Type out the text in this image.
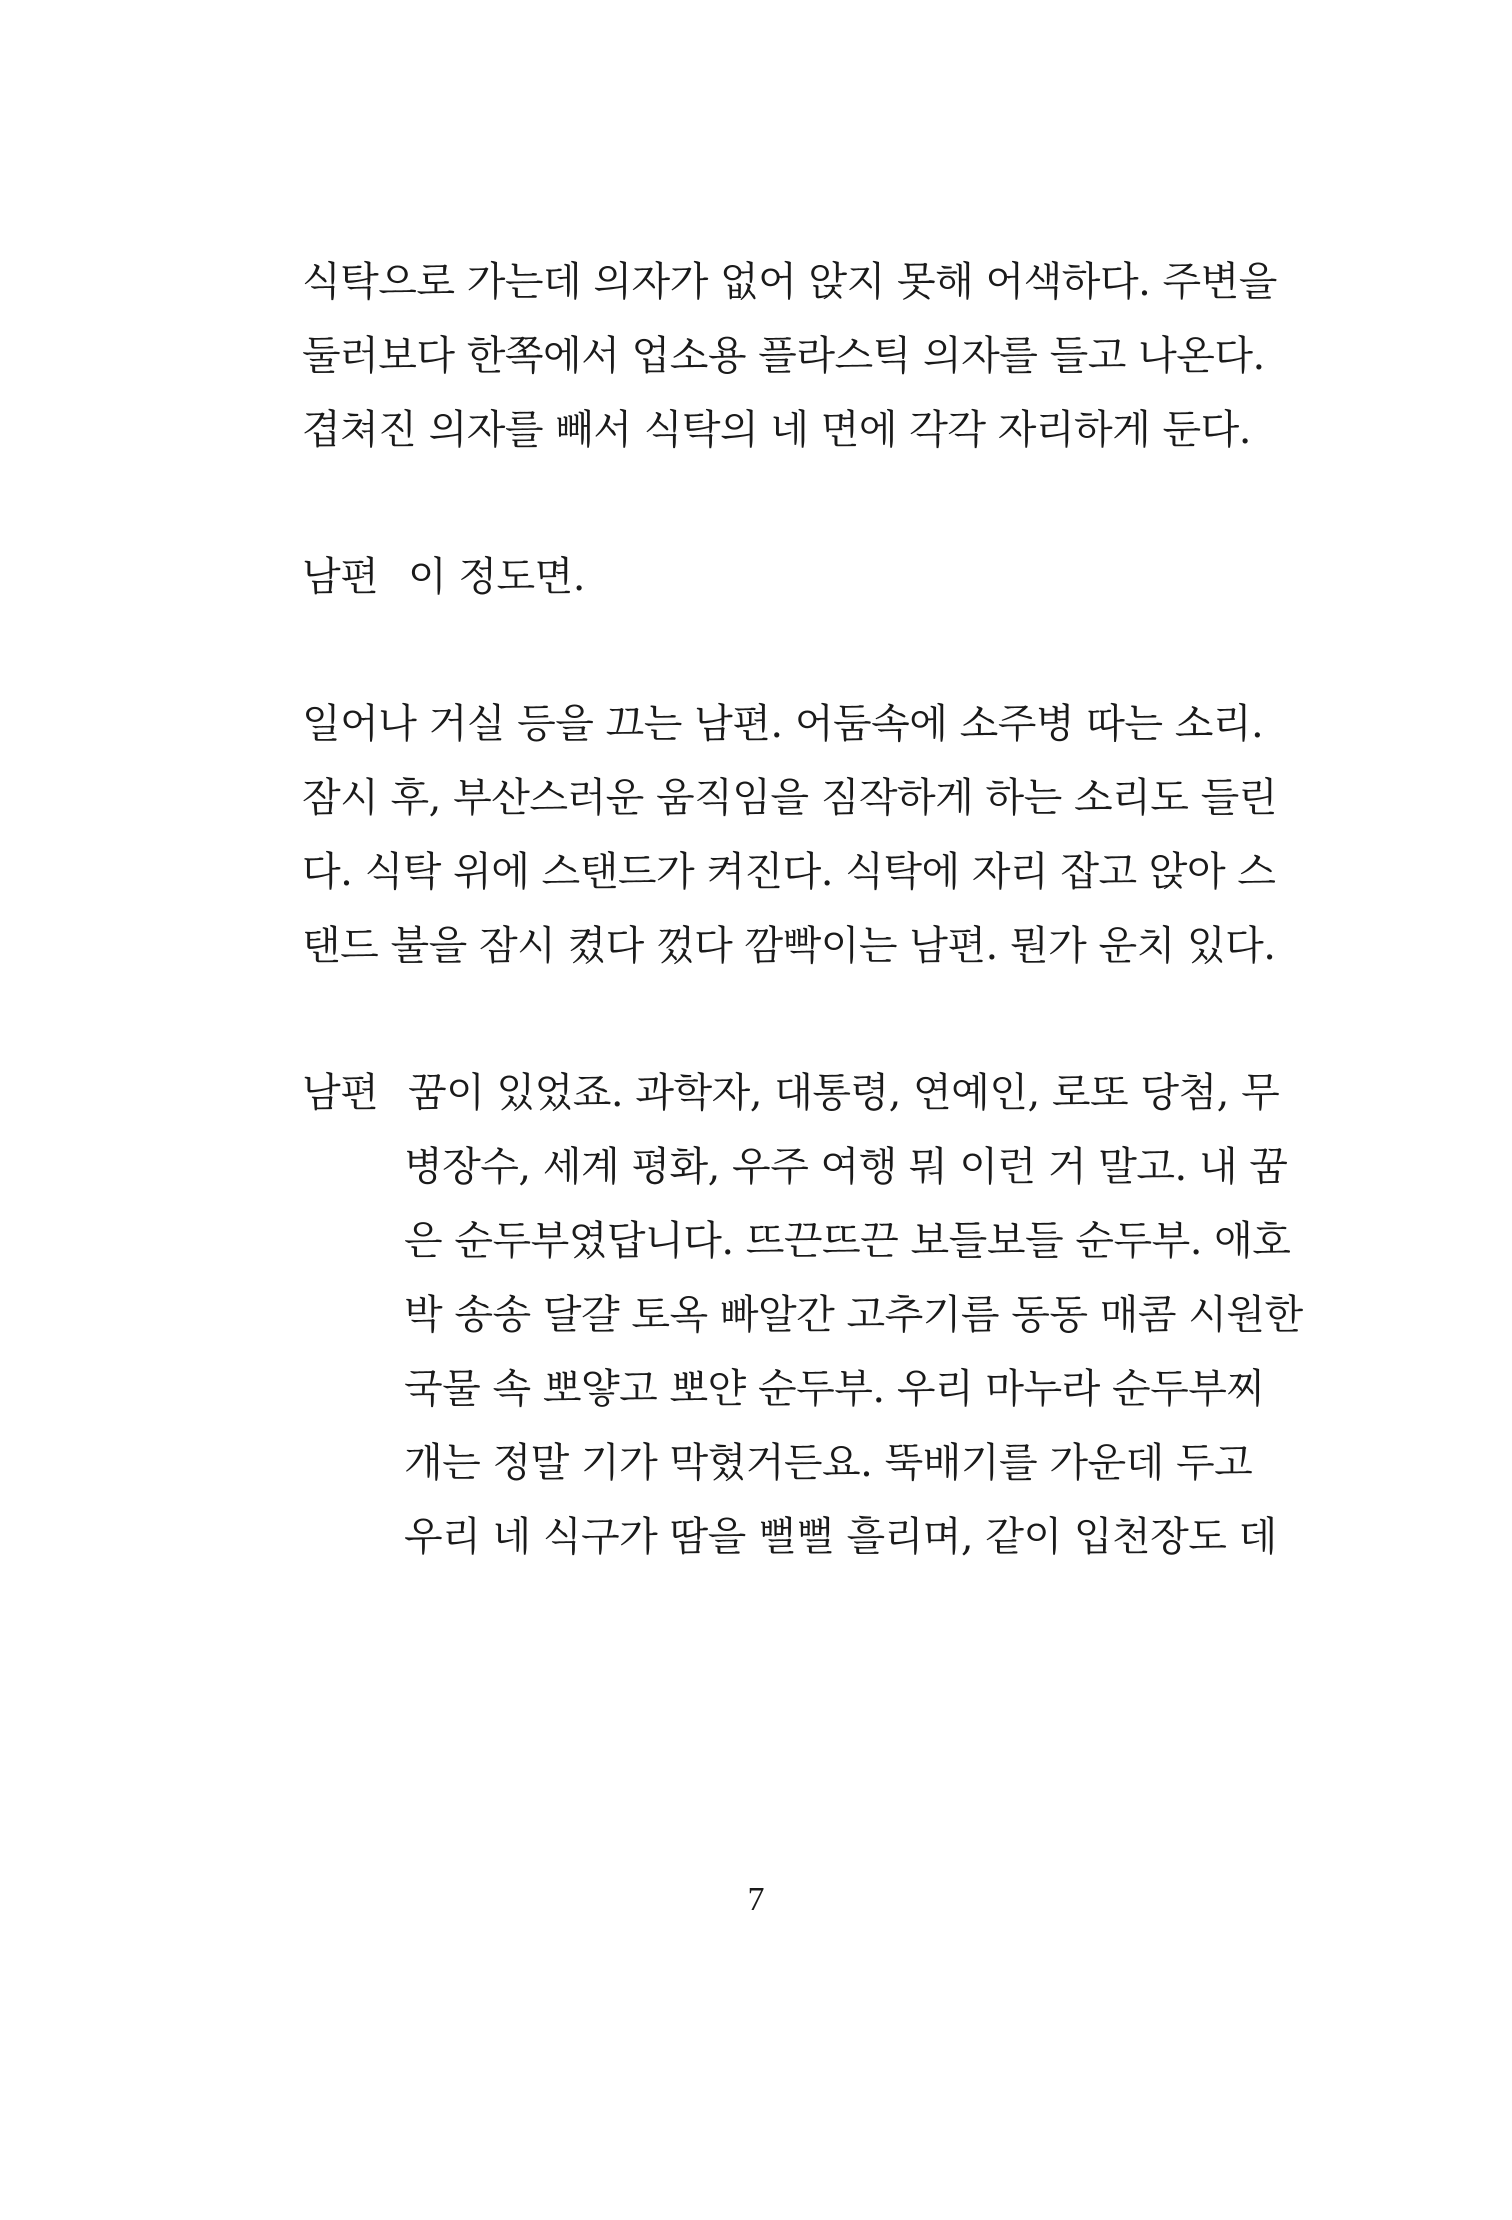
식탁으로 가는데 의자가 없어 앉지 못해 어색하다. 주변을
둘러보다 한쪽에서 업소용 플라스틱 의자를 들고 나온다.
겹쳐진 의자를 빼서 식탁의 네 면에 각각 자리하게 둔다.
남편 이 정도면.
일어나 거실 등을 끄는 남편. 어둠속에 소주병 따는 소리.
잠시 후, 부산스러운 움직임을 짐작하게 하는 소리도 들린
다. 식탁 위에 스탠드가 켜진다. 식탁에 자리 잡고 앉아 스
탠드 불을 잠시 켰다 껐다 깜빡이는 남편. 뭔가 운치 있다.
남편 꿈이 있었죠. 과학자, 대통령, 연예인, 로또 당첨, 무
병장수, 세계 평화, 우주 여행 뭐 이런 거 말고. 내 꿈
은 순두부였답니다. 뜨끈뜨끈 보들보들 순두부. 애호
박 송송 달걀 토옥 빠알간 고추기름 동동 매콤 시원한
국물 속 뽀얗고 뽀얀 순두부. 우리 마누라 순두부찌
개는 정말 기가 막혔거든요. 뚝배기를 가운데 두고
우리 네 식구가 땀을 뻘뻘 흘리며, 같이 입천장도 데
7
